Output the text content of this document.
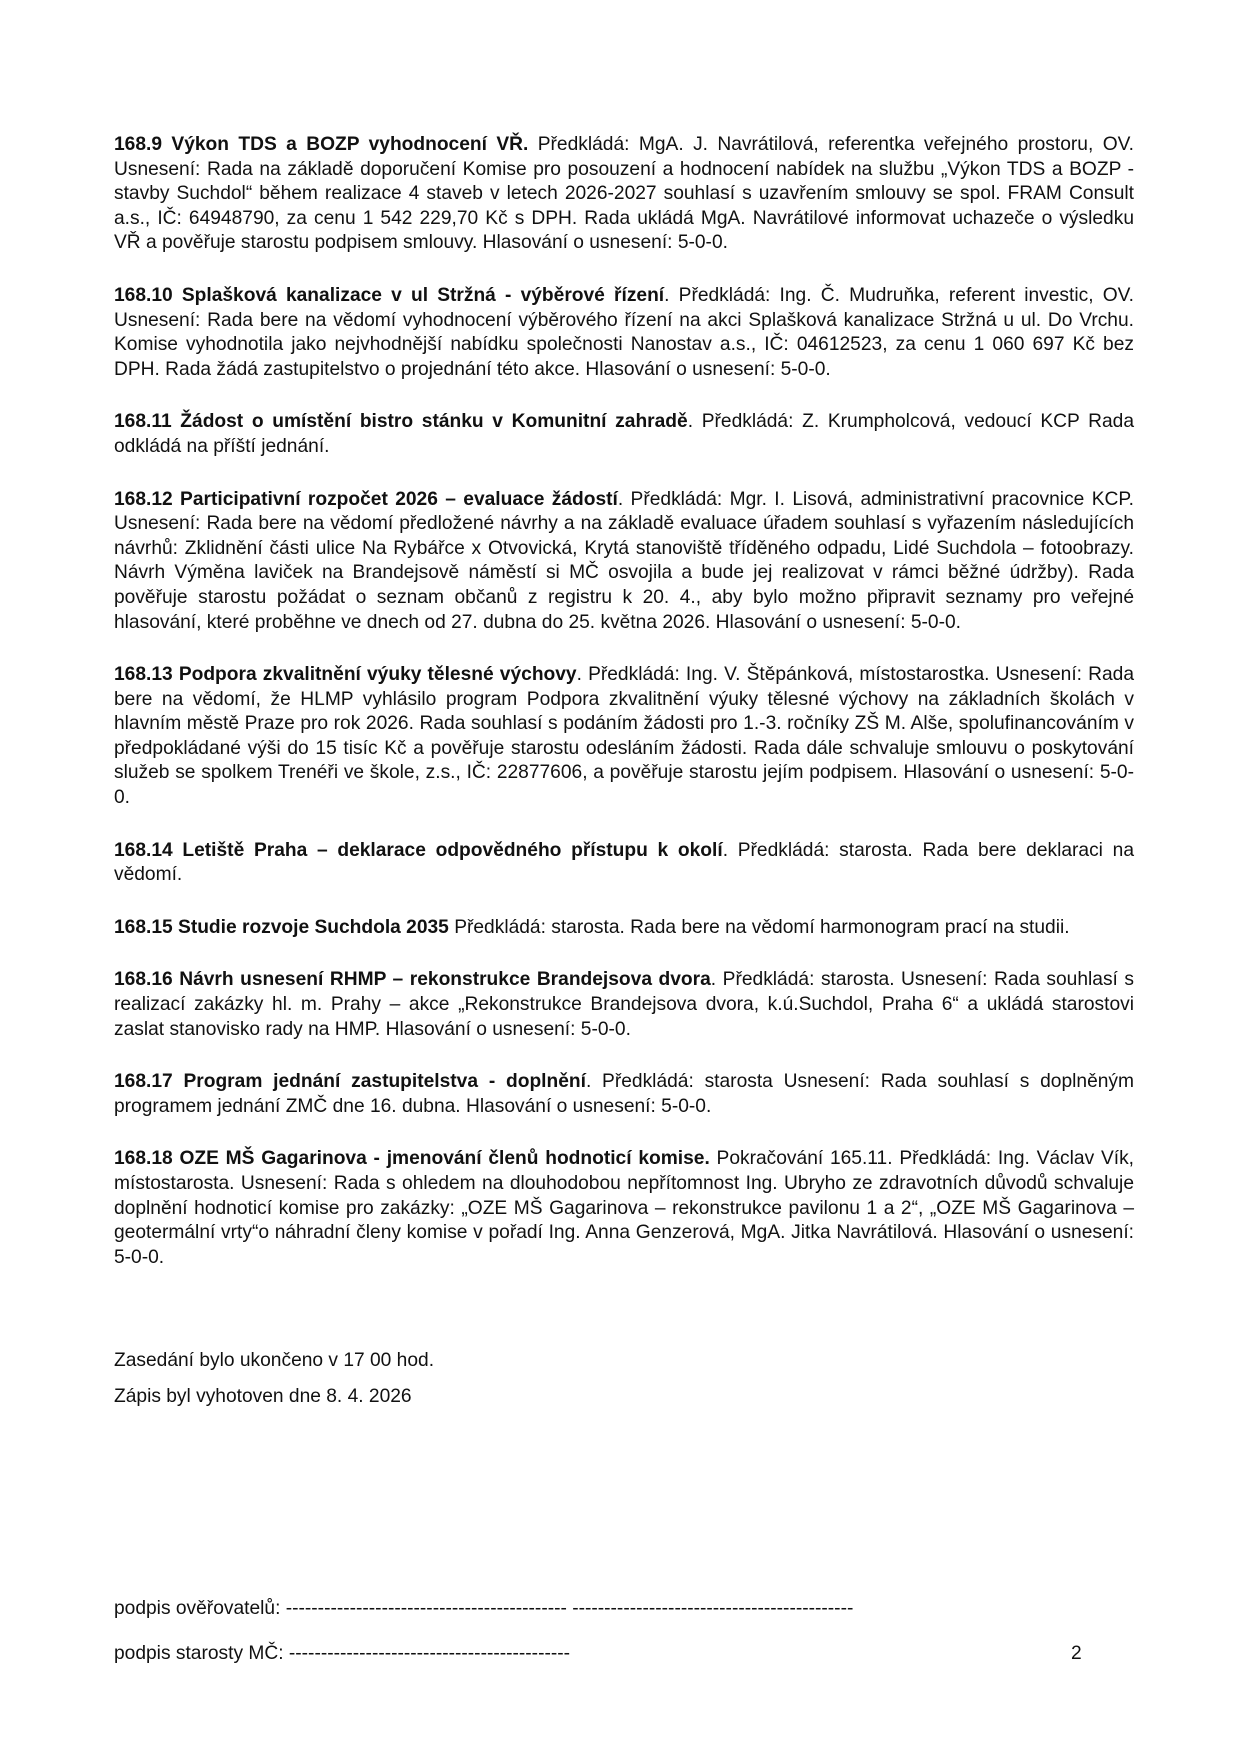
168.9 Výkon TDS a BOZP vyhodnocení VŘ. Předkládá: MgA. J. Navrátilová, referentka veřejného prostoru, OV. Usnesení: Rada na základě doporučení Komise pro posouzení a hodnocení nabídek na službu „Výkon TDS a BOZP - stavby Suchdol“ během realizace 4 staveb v letech 2026-2027 souhlasí s uzavřením smlouvy se spol. FRAM Consult a.s., IČ: 64948790, za cenu 1 542 229,70 Kč s DPH. Rada ukládá MgA. Navrátilové informovat uchazeče o výsledku VŘ a pověřuje starostu podpisem smlouvy. Hlasování o usnesení: 5-0-0.

168.10 Splašková kanalizace v ul Stržná - výběrové řízení. Předkládá: Ing. Č. Mudruňka, referent investic, OV. Usnesení: Rada bere na vědomí vyhodnocení výběrového řízení na akci Splašková kanalizace Stržná u ul. Do Vrchu. Komise vyhodnotila jako nejvhodnější nabídku společnosti Nanostav a.s., IČ: 04612523, za cenu 1 060 697 Kč bez DPH. Rada žádá zastupitelstvo o projednání této akce. Hlasování o usnesení: 5-0-0.

168.11 Žádost o umístění bistro stánku v Komunitní zahradě. Předkládá: Z. Krumpholcová, vedoucí KCP Rada odkládá na příští jednání.

168.12 Participativní rozpočet 2026 – evaluace žádostí. Předkládá: Mgr. I. Lisová, administrativní pracovnice KCP. Usnesení: Rada bere na vědomí předložené návrhy a na základě evaluace úřadem souhlasí s vyřazením následujících návrhů: Zklidnění části ulice Na Rybářce x Otvovická, Krytá stanoviště tříděného odpadu, Lidé Suchdola – fotoobrazy. Návrh Výměna laviček na Brandejsově náměstí si MČ osvojila a bude jej realizovat v rámci běžné údržby). Rada pověřuje starostu požádat o seznam občanů z registru k 20. 4., aby bylo možno připravit seznamy pro veřejné hlasování, které proběhne ve dnech od 27. dubna do 25. května 2026. Hlasování o usnesení: 5-0-0.

168.13 Podpora zkvalitnění výuky tělesné výchovy. Předkládá: Ing. V. Štěpánková, místostarostka. Usnesení: Rada bere na vědomí, že HLMP vyhlásilo program Podpora zkvalitnění výuky tělesné výchovy na základních školách v hlavním městě Praze pro rok 2026. Rada souhlasí s podáním žádosti pro 1.-3. ročníky ZŠ M. Alše, spolufinancováním v předpokládané výši do 15 tisíc Kč a pověřuje starostu odesláním žádosti. Rada dále schvaluje smlouvu o poskytování služeb se spolkem Trenéři ve škole, z.s., IČ: 22877606, a pověřuje starostu jejím podpisem. Hlasování o usnesení: 5-0-0.

168.14 Letiště Praha – deklarace odpovědného přístupu k okolí. Předkládá: starosta. Rada bere deklaraci na vědomí.

168.15 Studie rozvoje Suchdola 2035 Předkládá: starosta. Rada bere na vědomí harmonogram prací na studii.

168.16 Návrh usnesení RHMP – rekonstrukce Brandejsova dvora. Předkládá: starosta. Usnesení: Rada souhlasí s realizací zakázky hl. m. Prahy – akce „Rekonstrukce Brandejsova dvora, k.ú.Suchdol, Praha 6“ a ukládá starostovi zaslat stanovisko rady na HMP. Hlasování o usnesení: 5-0-0.

168.17 Program jednání zastupitelstva - doplnění. Předkládá: starosta Usnesení: Rada souhlasí s doplněným programem jednání ZMČ dne 16. dubna. Hlasování o usnesení: 5-0-0.

168.18 OZE MŠ Gagarinova - jmenování členů hodnoticí komise. Pokračování 165.11. Předkládá: Ing. Václav Vík, místostarosta. Usnesení: Rada s ohledem na dlouhodobou nepřítomnost Ing. Ubryho ze zdravotních důvodů schvaluje doplnění hodnoticí komise pro zakázky: „OZE MŠ Gagarinova – rekonstrukce pavilonu 1 a 2“, „OZE MŠ Gagarinova – geotermální vrty“o náhradní členy komise v pořadí Ing. Anna Genzerová, MgA. Jitka Navrátilová. Hlasování o usnesení: 5-0-0.

Zasedání bylo ukončeno v 17 00 hod.
Zápis byl vyhotoven dne 8. 4. 2026
podpis ověřovatelů: -------------------------------------------- --------------------------------------------
podpis starosty MČ: --------------------------------------------	2
